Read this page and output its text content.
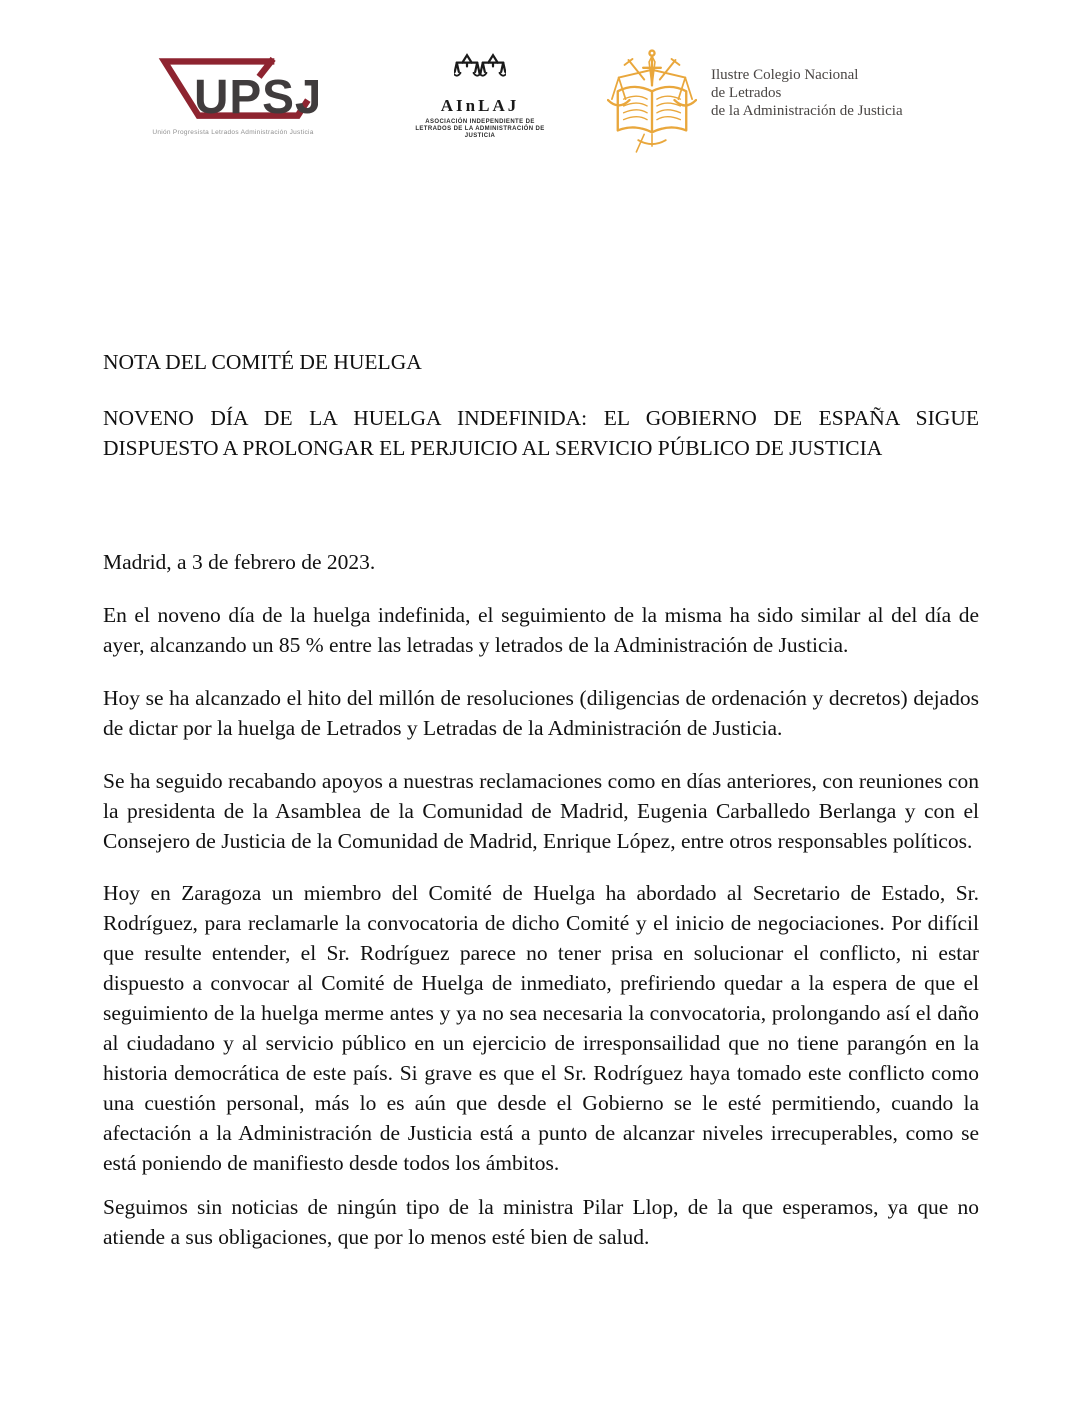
UPSJ
Unión Progresista Letrados Administración Justicia
AInLAJ
ASOCIACIÓN INDEPENDIENTE DE LETRADOS DE LA ADMINISTRACIÓN DE JUSTICIA
Ilustre Colegio Nacional
de Letrados
de la Administración de Justicia

NOTA DEL COMITÉ DE HUELGA

NOVENO DÍA DE LA HUELGA INDEFINIDA: EL GOBIERNO DE ESPAÑA SIGUE DISPUESTO A PROLONGAR EL PERJUICIO AL SERVICIO PÚBLICO DE JUSTICIA

Madrid, a 3 de febrero de 2023.

En el noveno día de la huelga indefinida, el seguimiento de la misma ha sido similar al del día de ayer, alcanzando un 85 % entre las letradas y letrados de la Administración de Justicia.

Hoy se ha alcanzado el hito del millón de resoluciones (diligencias de ordenación y decretos) dejados de dictar por la huelga de Letrados y Letradas de la Administración de Justicia.

Se ha seguido recabando apoyos a nuestras reclamaciones como en días anteriores, con reuniones con la presidenta de la Asamblea de la Comunidad de Madrid, Eugenia Carballedo Berlanga y con el Consejero de Justicia de la Comunidad de Madrid, Enrique López, entre otros responsables políticos.

Hoy en Zaragoza un miembro del Comité de Huelga ha abordado al Secretario de Estado, Sr. Rodríguez, para reclamarle la convocatoria de dicho Comité y el inicio de negociaciones. Por difícil que resulte entender, el Sr. Rodríguez parece no tener prisa en solucionar el conflicto, ni estar dispuesto a convocar al Comité de Huelga de inmediato, prefiriendo quedar a la espera de que el seguimiento de la huelga merme antes y ya no sea necesaria la convocatoria, prolongando así el daño al ciudadano y al servicio público en un ejercicio de irresponsailidad que no tiene parangón en la historia democrática de este país. Si grave es que el Sr. Rodríguez haya tomado este conflicto como una cuestión personal, más lo es aún que desde el Gobierno se le esté permitiendo, cuando la afectación a la Administración de Justicia está a punto de alcanzar niveles irrecuperables, como se está poniendo de manifiesto desde todos los ámbitos.

Seguimos sin noticias de ningún tipo de la ministra Pilar Llop, de la que esperamos, ya que no atiende a sus obligaciones, que por lo menos esté bien de salud.
